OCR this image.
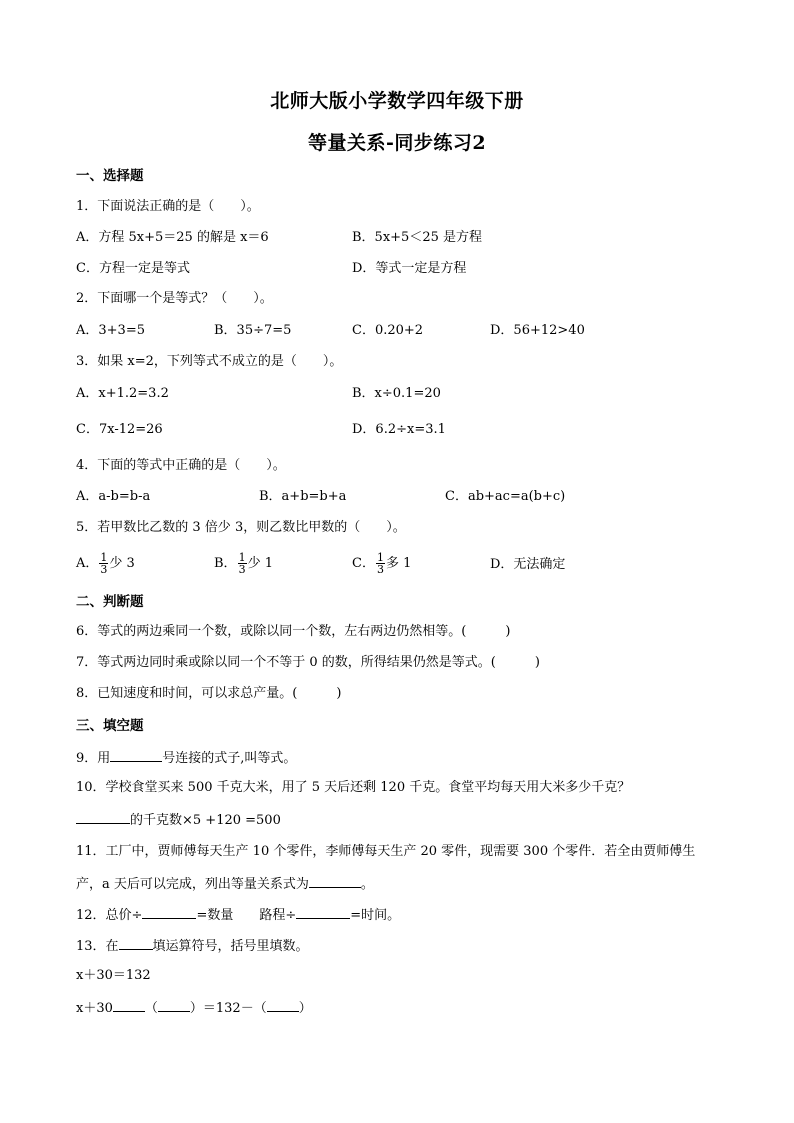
北师大版小学数学四年级下册
等量关系-同步练习2
一、选择题
1．下面说法正确的是（　　）。
A．方程 5x+5＝25 的解是 x＝6	B．5x+5＜25 是方程
C．方程一定是等式	D．等式一定是方程
2．下面哪一个是等式？（　　）。
A．3+3=5	B．35÷7=5	C．0.20+2	D．56+12>40
3．如果 x=2，下列等式不成立的是（　　）。
A．x+1.2=3.2	B．x÷0.1=20
C．7x-12=26	D．6.2÷x=3.1
4．下面的等式中正确的是（　　）。
A．a-b=b-a	B．a+b=b+a	C．ab+ac=a(b+c)
5．若甲数比乙数的 3 倍少 3，则乙数比甲数的（　　）。
A． $\frac{1}{3}$ 少 3	B． $\frac{1}{3}$ 少 1	C． $\frac{1}{3}$ 多 1	D．无法确定
二、判断题
6．等式的两边乘同一个数，或除以同一个数，左右两边仍然相等。(　　　)
7．等式两边同时乘或除以同一个不等于 0 的数，所得结果仍然是等式。(　　　)
8．已知速度和时间，可以求总产量。(　　　)
三、填空题
9．用	号连接的式子,叫等式。
10．学校食堂买来 500 千克大米，用了 5 天后还剩 120 千克。食堂平均每天用大米多少千克？
的千克数×5 +120 =500
11．工厂中，贾师傅每天生产 10 个零件，李师傅每天生产 20 零件，现需要 300 个零件．若全由贾师傅生
产，a 天后可以完成，列出等量关系式为	。
12．总价÷	=数量　　路程÷	=时间。
13．在	填运算符号，括号里填数。
x＋30＝132
x＋30 （ ）＝132－（ ）
